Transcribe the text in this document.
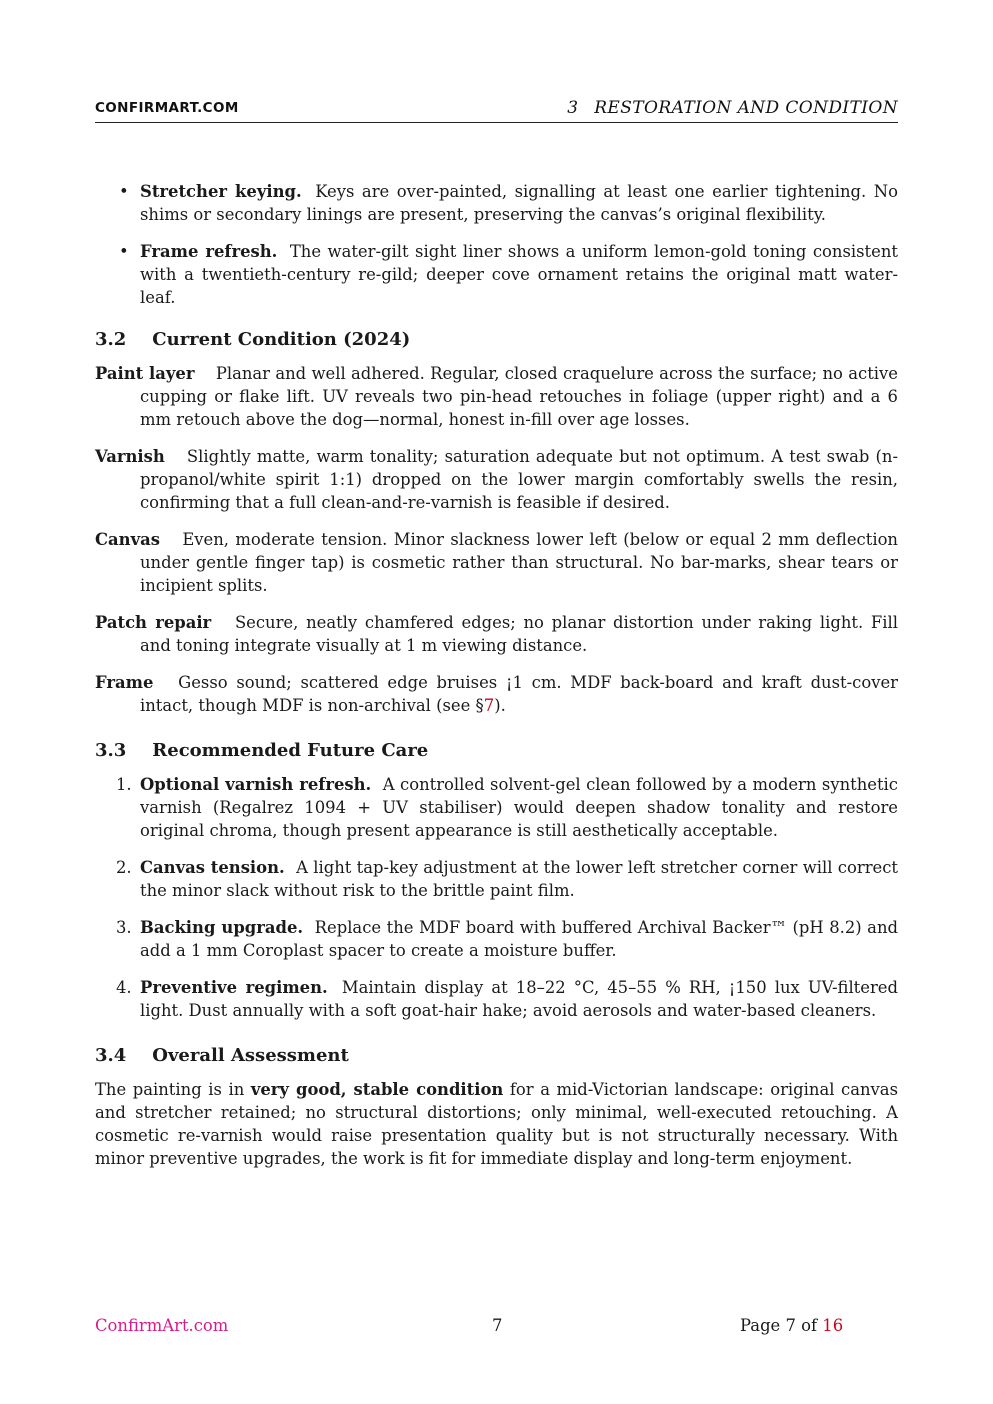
CONFIRMART.COM	3 RESTORATION AND CONDITION
• Stretcher keying. Keys are over-painted, signalling at least one earlier tightening. No shims or secondary linings are present, preserving the canvas’s original flexibility.
• Frame refresh. The water-gilt sight liner shows a uniform lemon-gold toning consistent with a twentieth-century re-gild; deeper cove ornament retains the original matt water-leaf.
3.2 Current Condition (2024)
Paint layer Planar and well adhered. Regular, closed craquelure across the surface; no active cupping or flake lift. UV reveals two pin-head retouches in foliage (upper right) and a 6 mm retouch above the dog—normal, honest in-fill over age losses.
Varnish Slightly matte, warm tonality; saturation adequate but not optimum. A test swab (n-propanol/white spirit 1:1) dropped on the lower margin comfortably swells the resin, confirming that a full clean-and-re-varnish is feasible if desired.
Canvas Even, moderate tension. Minor slackness lower left (below or equal 2 mm deflection under gentle finger tap) is cosmetic rather than structural. No bar-marks, shear tears or incipient splits.
Patch repair Secure, neatly chamfered edges; no planar distortion under raking light. Fill and toning integrate visually at 1 m viewing distance.
Frame Gesso sound; scattered edge bruises ¡1 cm. MDF back-board and kraft dust-cover intact, though MDF is non-archival (see §7).
3.3 Recommended Future Care
1. Optional varnish refresh. A controlled solvent-gel clean followed by a modern synthetic varnish (Regalrez 1094 + UV stabiliser) would deepen shadow tonality and restore original chroma, though present appearance is still aesthetically acceptable.
2. Canvas tension. A light tap-key adjustment at the lower left stretcher corner will correct the minor slack without risk to the brittle paint film.
3. Backing upgrade. Replace the MDF board with buffered Archival Backer™ (pH 8.2) and add a 1 mm Coroplast spacer to create a moisture buffer.
4. Preventive regimen. Maintain display at 18–22 °C, 45–55 % RH, ¡150 lux UV-filtered light. Dust annually with a soft goat-hair hake; avoid aerosols and water-based cleaners.
3.4 Overall Assessment

The painting is in very good, stable condition for a mid-Victorian landscape: original canvas and stretcher retained; no structural distortions; only minimal, well-executed retouching. A cosmetic re-varnish would raise presentation quality but is not structurally necessary. With minor preventive upgrades, the work is fit for immediate display and long-term enjoyment.

ConfirmArt.com	7	Page 7 of 16
